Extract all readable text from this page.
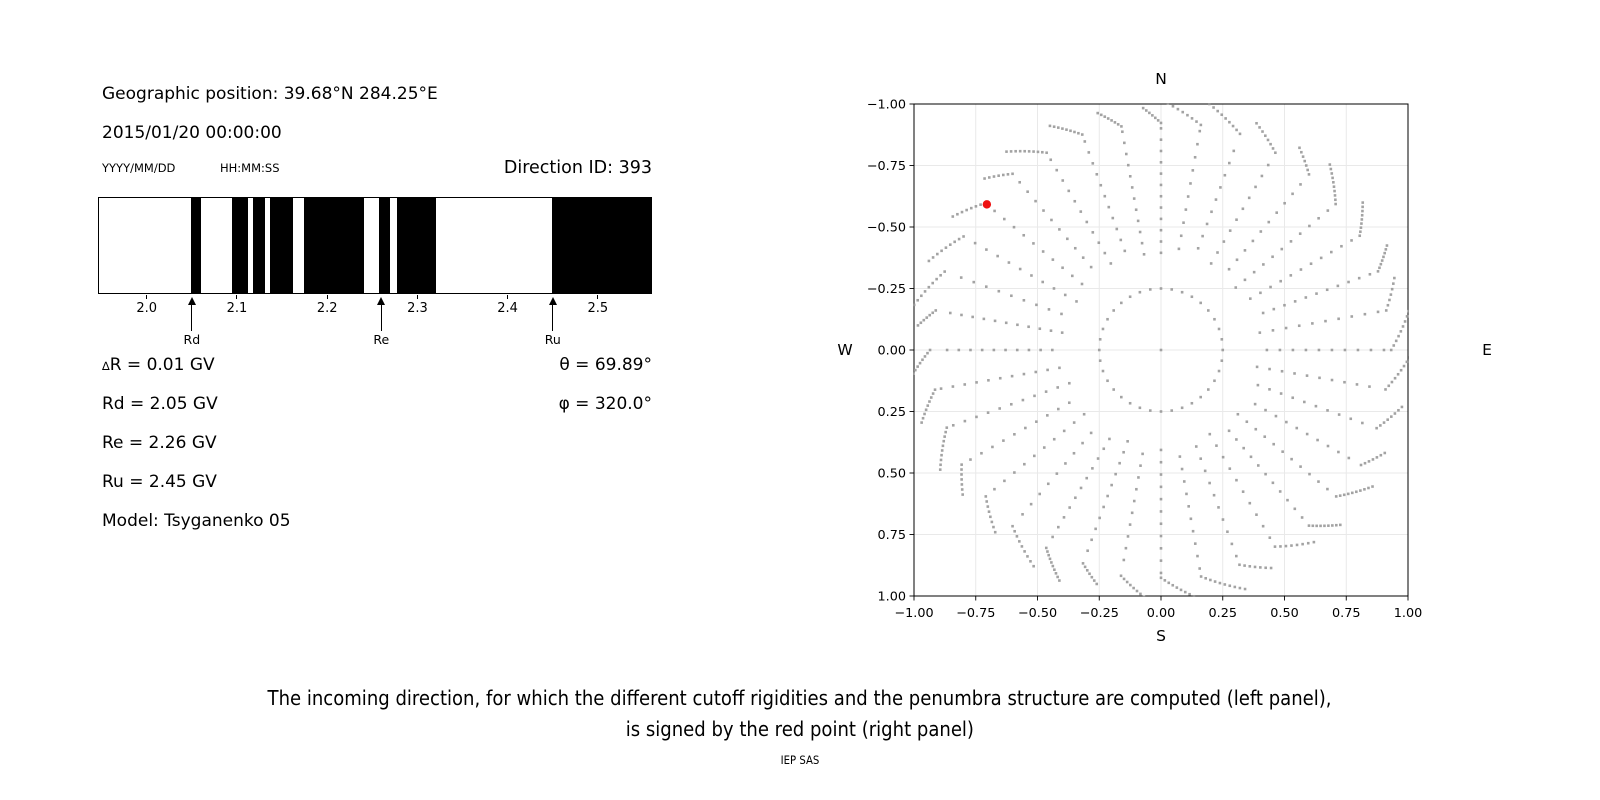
Geographic position: 39.68°N 284.25°E
2015/01/20 00:00:00
YYYY/MM/DD	HH:MM:SS	Direction ID: 393
∆R = 0.01 GV
Rd = 2.05 GV
Re = 2.26 GV
Ru = 2.45 GV
Model: Tsyganenko 05
θ = 69.89°
φ = 320.0°
−1.00
1.00
−0.75
0.75
−0.50
0.50
−0.25
0.25
0.00
0.00
0.25
−0.25
0.50
−0.50
0.75
−0.75
1.00
−1.00
N
S
W	E
The incoming direction, for which the different cutoff rigidities and the penumbra structure are computed (left panel),
is signed by the red point (right panel)
IEP SAS
2.0	2.1	2.2	2.3	2.4	2.5
Rd	Re	Ru
